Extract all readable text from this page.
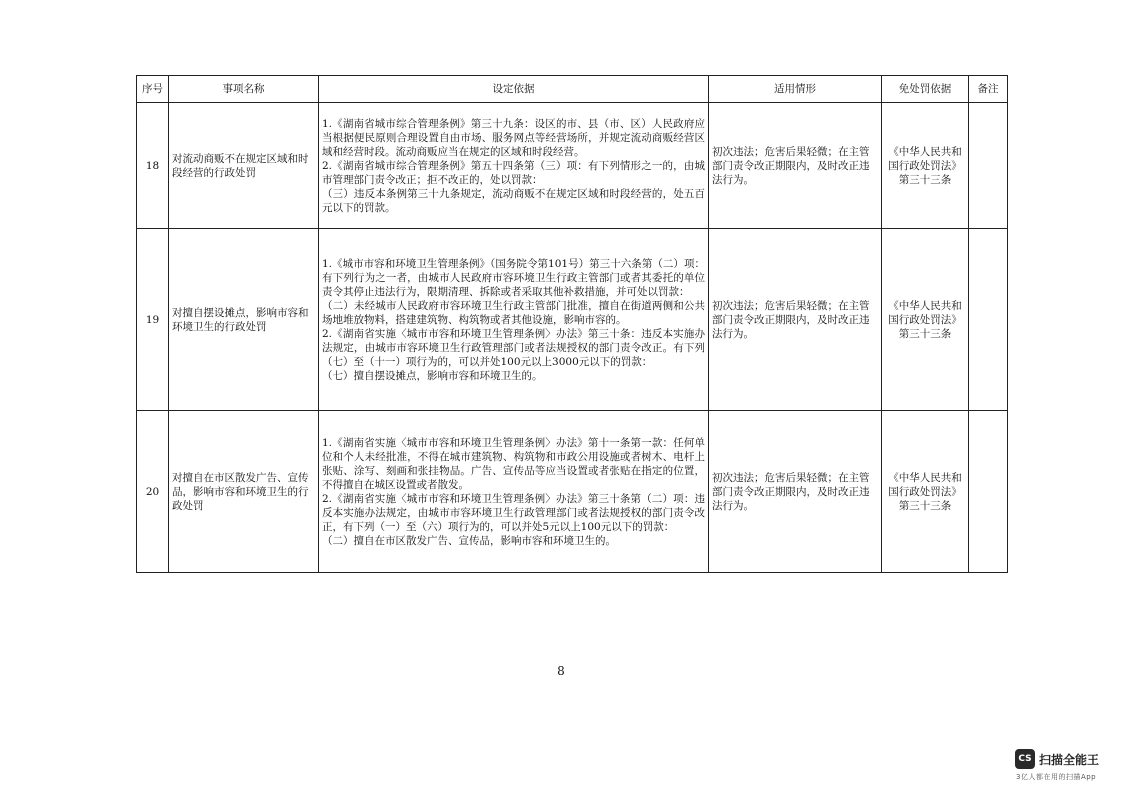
序号	事项名称	设定依据	适用情形	免处罚依据	备注
18	对流动商贩不在规定区域和时段经营的行政处罚	1.《湖南省城市综合管理条例》第三十九条：设区的市、县（市、区）人民政府应当根据便民原则合理设置自由市场、服务网点等经营场所，并规定流动商贩经营区域和经营时段。流动商贩应当在规定的区域和时段经营。
2.《湖南省城市综合管理条例》第五十四条第（三）项：有下列情形之一的，由城市管理部门责令改正；拒不改正的，处以罚款：
（三）违反本条例第三十九条规定，流动商贩不在规定区域和时段经营的，处五百元以下的罚款。	初次违法；危害后果轻微；在主管部门责令改正期限内，及时改正违法行为。	《中华人民共和国行政处罚法》第三十三条	
19	对擅自摆设摊点，影响市容和环境卫生的行政处罚	1.《城市市容和环境卫生管理条例》（国务院令第101号）第三十六条第（二）项：有下列行为之一者，由城市人民政府市容环境卫生行政主管部门或者其委托的单位责令其停止违法行为，限期清理、拆除或者采取其他补救措施，并可处以罚款：
（二）未经城市人民政府市容环境卫生行政主管部门批准，擅自在街道两侧和公共场地堆放物料，搭建建筑物、构筑物或者其他设施，影响市容的。
2.《湖南省实施〈城市市容和环境卫生管理条例〉办法》第三十条：违反本实施办法规定，由城市市容环境卫生行政管理部门或者法规授权的部门责令改正。有下列（七）至（十一）项行为的，可以并处100元以上3000元以下的罚款：
（七）擅自摆设摊点，影响市容和环境卫生的。	初次违法；危害后果轻微；在主管部门责令改正期限内，及时改正违法行为。	《中华人民共和国行政处罚法》第三十三条	
20	对擅自在市区散发广告、宣传品，影响市容和环境卫生的行政处罚	1.《湖南省实施〈城市市容和环境卫生管理条例〉办法》第十一条第一款：任何单位和个人未经批准，不得在城市建筑物、构筑物和市政公用设施或者树木、电杆上张贴、涂写、刻画和张挂物品。广告、宣传品等应当设置或者张贴在指定的位置，不得擅自在城区设置或者散发。
2.《湖南省实施〈城市市容和环境卫生管理条例〉办法》第三十条第（二）项：违反本实施办法规定，由城市市容环境卫生行政管理部门或者法规授权的部门责令改正，有下列（一）至（六）项行为的，可以并处5元以上100元以下的罚款：
（二）擅自在市区散发广告、宣传品，影响市容和环境卫生的。	初次违法；危害后果轻微；在主管部门责令改正期限内，及时改正违法行为。	《中华人民共和国行政处罚法》第三十三条	
8
CS 扫描全能王
3亿人都在用的扫描App
